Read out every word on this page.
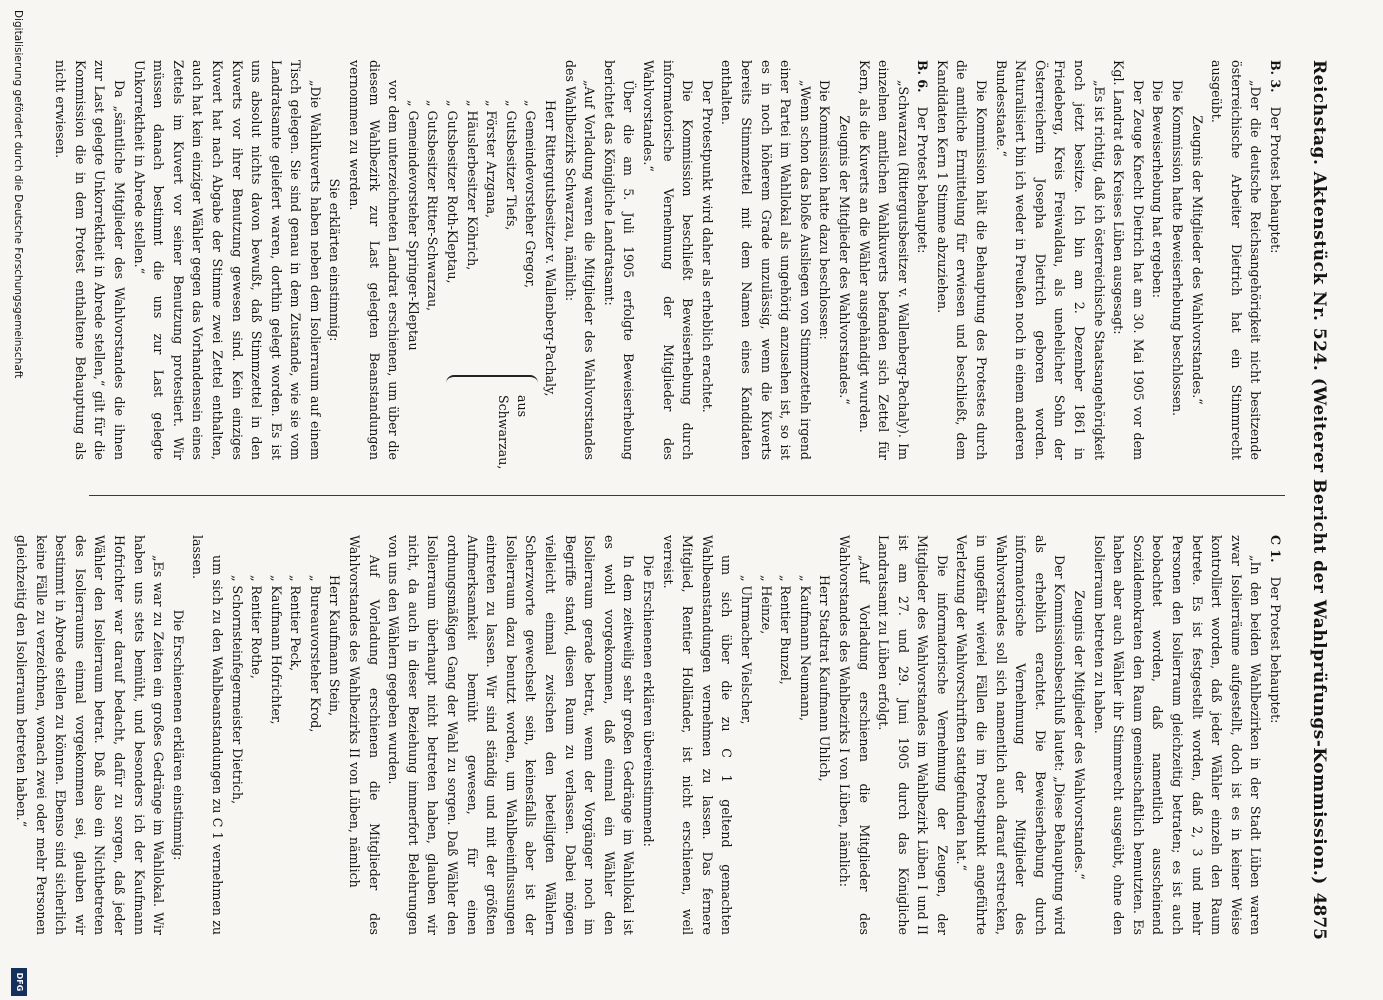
Reichstag. Aktenstück Nr. 524. (Weiterer Bericht der Wahlprüfungs-Kommission.)
4875

B. 3.Der Protest behauptet:

„Der die deutsche Reichsangehörigkeit nicht besitzende österreichische Arbeiter Dietrich hat ein Stimmrecht ausgeübt.

Zeugnis der Mitglieder des Wahlvorstandes.“

Die Kommission hatte Beweiserhebung beschlossen.

Die Beweiserhebung hat ergeben:

Der Zeuge Knecht Dietrich hat am 30. Mai 1905 vor dem Kgl. Landrat des Kreises Lüben ausgesagt:

„Es ist richtig, daß ich österreichische Staatsangehörigkeit noch jetzt besitze. Ich bin am 2. Dezember 1861 in Friedeberg, Kreis Freiwaldau, als unehelicher Sohn der Österreicherin Josepha Dietrich geboren worden. Naturalisiert bin ich weder in Preußen noch in einem anderen Bundesstaate.“

Die Kommission hält die Behauptung des Protestes durch die amtliche Ermittelung für erwiesen und beschließt, dem Kandidaten Kern 1 Stimme abzuziehen.

B. 6.Der Protest behauptet:

„Schwarzau (Rittergutsbesitzer v. Wallenberg-Pachaly). Im einzelnen amtlichen Wahlkuverts befanden sich Zettel für Kern, als die Kuverts an die Wähler ausgehändigt wurden.

Zeugnis der Mitglieder des Wahlvorstandes.“

Die Kommission hatte dazu beschlossen:

„Wenn schon das bloße Ausliegen von Stimmzetteln irgend einer Partei im Wahllokal als ungehörig anzusehen ist, so ist es in noch höherem Grade unzulässig, wenn die Kuverts bereits Stimmzettel mit dem Namen eines Kandidaten enthalten.

Der Protestpunkt wird daher als erheblich erachtet.

Die Kommission beschließt Beweiserhebung durch informatorische Vernehmung der Mitglieder des Wahlvorstandes.“

Über die am 5. Juli 1905 erfolgte Beweiserhebung berichtet das Königliche Landratsamt:

„Auf Vorladung waren die Mitglieder des Wahlvorstandes des Wahlbezirks Schwarzau, nämlich:

Herr Rittergutsbesitzer v. Wallenberg-Pachaly,
„ Gemeindevorsteher Gregor,
„ Gutsbesitzer Tiefs,
„ Förster Arzgana,
„ Häuslerbesitzer Köhrich,
„ Gutsbesitzer Roth-Kleptau,
„ Gutsbesitzer Ritter-Schwarzau,
„ Gemeindevorsteher Springer-Kleptau
aus Schwarzau,

vor dem unterzeichneten Landrat erschienen, um über die diesem Wahlbezirk zur Last gelegten Beanstandungen vernommen zu werden.

Sie erklärten einstimmig:

„Die Wahlkuverts haben neben dem Isolierraum auf einem Tisch gelegen. Sie sind genau in dem Zustande, wie sie vom Landratsamte geliefert waren, dorthin gelegt worden. Es ist uns absolut nichts davon bewußt, daß Stimmzettel in den Kuverts vor ihrer Benutzung gewesen sind. Kein einziges Kuvert hat nach Abgabe der Stimme zwei Zettel enthalten, auch hat kein einziger Wähler gegen das Vorhandensein eines Zettels im Kuvert vor seiner Benutzung protestiert. Wir müssen danach bestimmt die uns zur Last gelegte Unkorrektheit in Abrede stellen.“

Da „sämtliche Mitglieder des Wahlvorstandes die ihnen zur Last gelegte Unkorrektheit in Abrede stellen,“ gilt für die Kommission die in dem Protest enthaltene Behauptung als nicht erwiesen.

C 1.Der Protest behauptet:

„In den beiden Wahlbezirken in der Stadt Lüben waren zwar Isolierräume aufgestellt, doch ist es in keiner Weise kontrolliert worden, daß jeder Wähler einzeln den Raum betrete. Es ist festgestellt worden, daß 2, 3 und mehr Personen den Isolierraum gleichzeitig betraten; es ist auch beobachtet worden, daß namentlich ausscheinend Sozialdemokraten den Raum gemeinschaftlich bemutzten. Es haben aber auch Wähler ihr Stimmrecht ausgeübt, ohne den Isolierraum betreten zu haben.

Zeugnis der Mitglieder des Wahlvorstandes.“

Der Kommissionsbeschluß lautet: „Diese Behauptung wird als erheblich erachtet. Die Beweiserhebung durch informatorische Vernehmung der Mitglieder des Wahlvorstandes soll sich namentlich auch darauf erstrecken, in ungefähr wieviel Fällen die im Protestpunkt angeführte Verletzung der Wahlvorschriften stattgefunden hat.“

Die informatorische Vernehmung der Zeugen, der Mitglieder des Wahlvorstandes im Wahlbezirk Lüben I und II ist am 27. und 29. Juni 1905 durch das Königliche Landratsamt zu Lüben erfolgt.

„Auf Vorladung erschienen die Mitglieder des Wahlvorstandes des Wahlbezirks I von Lüben, nämlich:

Herr Stadtrat Kaufmann Uhlich,
„ Kaufmann Neumann,
„ Rentier Bunzel,
„ Heinze,
„ Uhrmacher Vielscher,

um sich über die zu C 1 geltend gemachten Wahlbeanstandungen vernehmen zu lassen. Das fernere Mitglied, Rentier Holländer, ist nicht erschienen, weil verreist.

Die Erschienenen erklären übereinstimmend:

In dem zeitweilig sehr großen Gedränge im Wahllokal ist es wohl vorgekommen, daß einmal ein Wähler den Isolierraum gerade betrat, wenn der Vorgänger noch im Begriffe stand, diesen Raum zu verlassen. Dabei mögen vielleicht einmal zwischen den beteiligten Wählern Scherzworte gewechselt sein, keinesfalls aber ist der Isolierraum dazu benutzt worden, um Wahlbeeinflussungen eintreten zu lassen. Wir sind ständig und mit der größten Aufmerksamkeit bemüht gewesen, für einen ordnungsmäßigen Gang der Wahl zu sorgen. Daß Wähler den Isolierraum überhaupt nicht betreten haben, glauben wir nicht, da auch in dieser Beziehung immerfort Belehrungen von uns den Wählern gegeben wurden.

Auf Vorladung erschienen die Mitglieder des Wahlvorstandes des Wahlbezirks II von Lüben, nämlich

Herr Kaufmann Stein,
„ Bureauvorsteher Krod,
„ Rentier Peck,
„ Kaufmann Hofrichter,
„ Rentier Rothe,
„ Schornsteinfegermeister Dietrich,

um sich zu den Wahlbeanstandungen zu C 1 vernehmen zu lassen.

Die Erschienenen erklären einstimmig:

„Es war zu Zeiten ein großes Gedränge im Wahllokal. Wir haben uns stets bemüht, und besonders ich der Kaufmann Hofrichter war darauf bedacht, dafür zu sorgen, daß jeder Wähler den Isolierraum betrat. Daß also ein Nichtbetreten des Isolierraums einmal vorgekommen sei, glauben wir bestimmt in Abrede stellen zu können. Ebenso sind sicherlich keine Fälle zu verzeichnen, wonach zwei oder mehr Personen gleichzeitig den Isolierraum betreten haben.“

Digitalisierung gefördert durch die Deutsche Forschungsgemeinschaft
DFG
